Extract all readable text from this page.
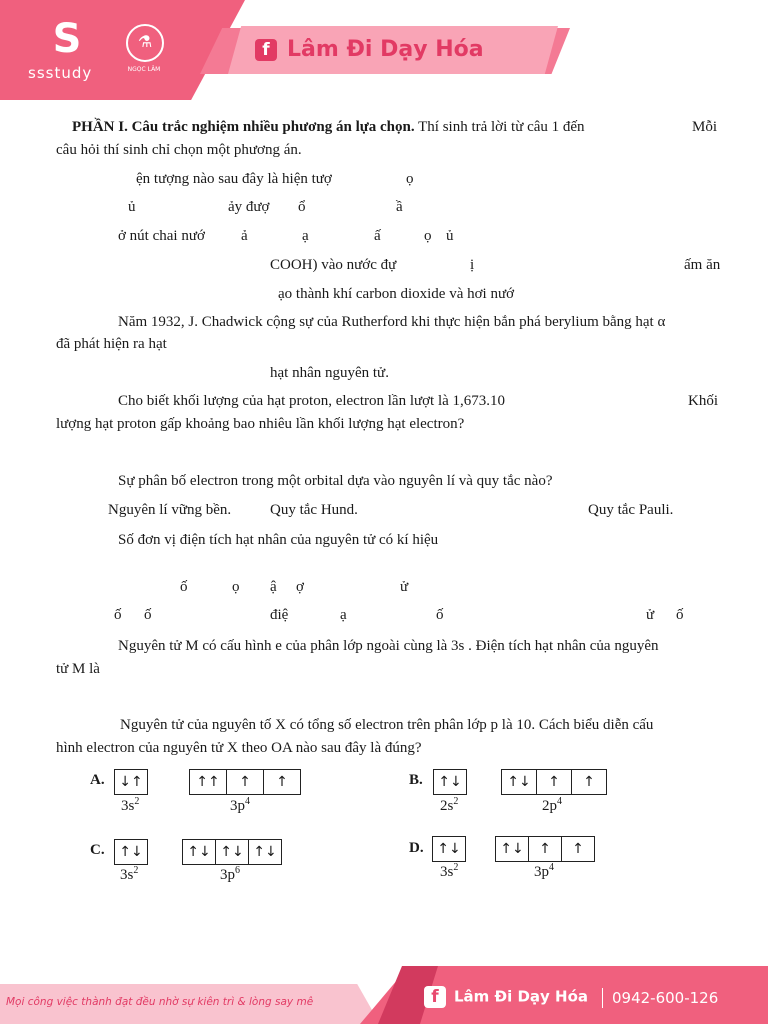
S
ssstudy
⚗
NGỌC LÂM
f Lâm Đi Dạy Hóa
PHẦN I. Câu trắc nghiệm nhiều phương án lựa chọn. Thí sinh trả lời từ câu 1 đến	Mỗi
câu hỏi thí sinh chỉ chọn một phương án.
ện tượng nào sau đây là hiện tượ	ọ
ủ	ảy đượ ổ	ầ
ở nút chai nướ ả	ạ	ấ	ọ ủ
COOH) vào nước đự	ị	ấm ăn
ạo thành khí carbon dioxide và hơi nướ
Năm 1932, J. Chadwick cộng sự của Rutherford khi thực hiện bắn phá berylium bằng hạt α
đã phát hiện ra hạt
hạt nhân nguyên tử.
Cho biết khối lượng của hạt proton, electron lần lượt là 1,673.10	Khối
lượng hạt proton gấp khoảng bao nhiêu lần khối lượng hạt electron?
Sự phân bố electron trong một orbital dựa vào nguyên lí và quy tắc nào?
Nguyên lí vững bền.	Quy tắc Hund.	Quy tắc Pauli.
Số đơn vị điện tích hạt nhân của nguyên tử có kí hiệu
ố	ọ ậ ợ	ử
ố ố	điệ	ạ	ố	ử ố
Nguyên tử M có cấu hình e của phân lớp ngoài cùng là 3s . Điện tích hạt nhân của nguyên
tử M là
Nguyên tử của nguyên tố X có tổng số electron trên phân lớp p là 10. Cách biểu diễn cấu
hình electron của nguyên tử X theo OA nào sau đây là đúng?
A.	↓↑	↑↑	↑	↑
$3s^2$	$3p^4$
B.	↑↓	↑↓	↑	↑
$2s^2$	$2p^4$
C.	↑↓	↑↓ ↑↓ ↑↓
$3s^2$	$3p^6$
D. ↑↓	↑↓	↑	↑
$3s^2$	$3p^4$
Mọi công việc thành đạt đều nhờ sự kiên trì & lòng say mê	f Lâm Đi Dạy Hóa 0942-600-126
